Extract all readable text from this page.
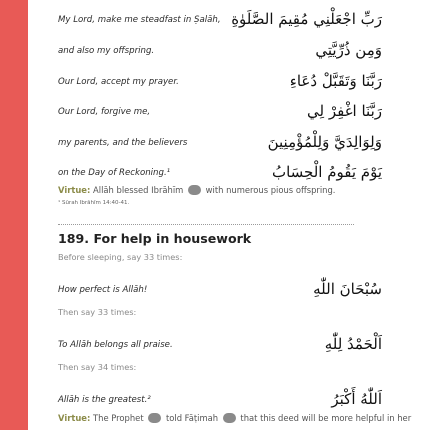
My Lord, make me steadfast in Ṣalāh, رَبِّ اجْعَلْنِي مُقِيمَ الصَّلَوٰةِ
and also my offspring.	وَمِن ذُرِّيَّتِي
Our Lord, accept my prayer.	رَبَّنَا وَتَقَبَّلْ دُعَاءِ
Our Lord, forgive me,	رَبَّنَا اغْفِرْ لِي
my parents, and the believers	وَلِوَالِدَيَّ وَلِلْمُؤْمِنِينَ
on the Day of Reckoning.¹	يَوْمَ يَقُومُ الْحِسَابُ
Virtue: Allāh blessed Ibrāhīm	with numerous pious offspring.
¹ Sūrah Ibrāhīm 14:40-41.
189. For help in housework
Before sleeping, say 33 times:
How perfect is Allāh!	سُبْحَانَ اللّٰهِ
Then say 33 times:
To Allāh belongs all praise.	اَلْحَمْدُ لِلّٰهِ
Then say 34 times:
Allāh is the greatest.²	اَللّٰهُ أَكْبَرُ
Virtue: The Prophet	told Fāṭimah	that this deed will be more helpful in her
